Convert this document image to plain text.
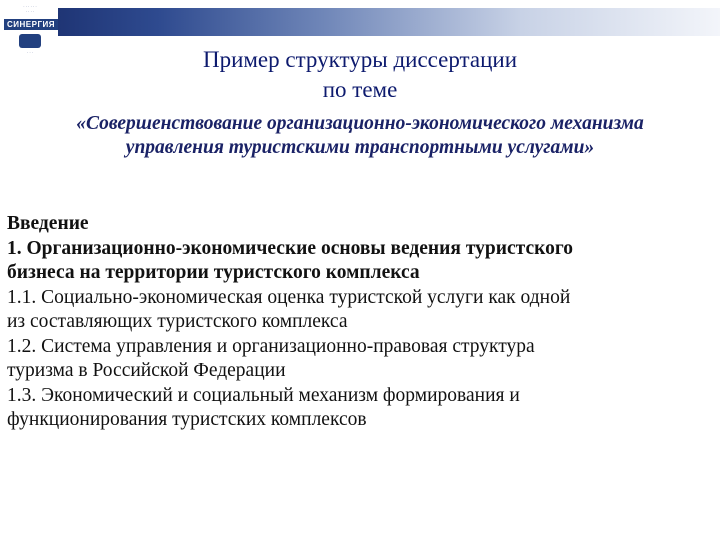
· · · · · ·
· · · ·
СИНЕРГИЯ
· · ·	Пример структуры диссертации
по теме
«Совершенствование организационно-экономического механизма
управления туристскими транспортными услугами»
Введение
1. Организационно-экономические основы ведения туристского
бизнеса на территории туристского комплекса
1.1. Социально-экономическая оценка туристской услуги как одной
из составляющих туристского комплекса
1.2. Система управления и организационно-правовая структура
туризма в Российской Федерации
1.3. Экономический и социальный механизм формирования и
функционирования туристских комплексов
